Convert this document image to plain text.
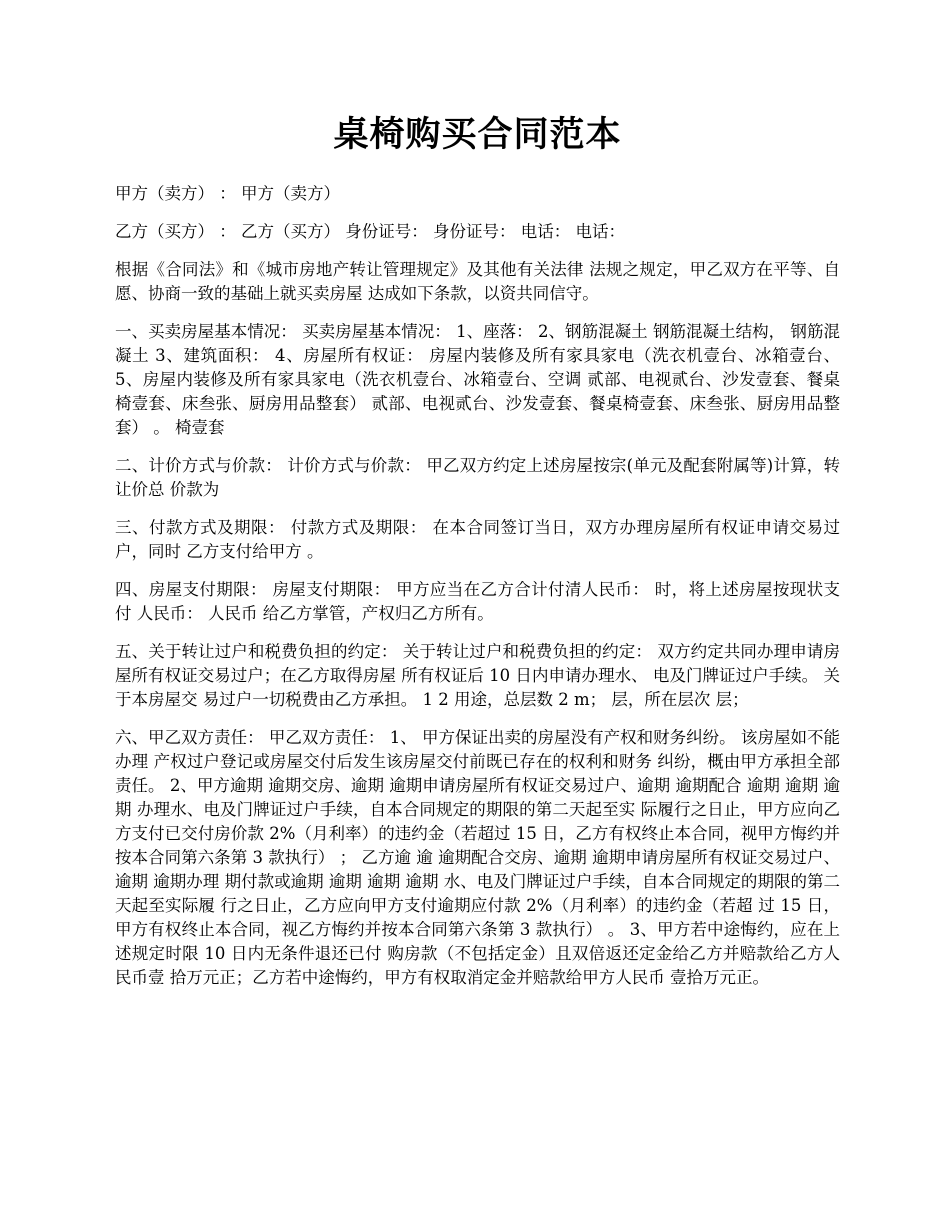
桌椅购买合同范本

甲方（卖方） ： 甲方（卖方）

乙方（买方） ： 乙方（买方） 身份证号： 身份证号： 电话： 电话：

根据《合同法》和《城市房地产转让管理规定》及其他有关法律 法规之规定，甲乙双方在平等、自愿、协商一致的基础上就买卖房屋 达成如下条款，以资共同信守。

一、买卖房屋基本情况： 买卖房屋基本情况： 1、座落： 2、钢筋混凝土 钢筋混凝土结构， 钢筋混凝土 3、建筑面积： 4、房屋所有权证： 房屋内装修及所有家具家电（洗衣机壹台、冰箱壹台、 5、房屋内装修及所有家具家电（洗衣机壹台、冰箱壹台、空调 贰部、电视贰台、沙发壹套、餐桌椅壹套、床叁张、厨房用品整套） 贰部、电视贰台、沙发壹套、餐桌椅壹套、床叁张、厨房用品整套） 。 椅壹套

二、计价方式与价款： 计价方式与价款： 甲乙双方约定上述房屋按宗(单元及配套附属等)计算，转让价总 价款为

三、付款方式及期限： 付款方式及期限： 在本合同签订当日，双方办理房屋所有权证申请交易过户，同时 乙方支付给甲方 。

四、房屋支付期限： 房屋支付期限： 甲方应当在乙方合计付清人民币： 时，将上述房屋按现状支付 人民币： 人民币 给乙方掌管，产权归乙方所有。

五、关于转让过户和税费负担的约定： 关于转让过户和税费负担的约定： 双方约定共同办理申请房屋所有权证交易过户；在乙方取得房屋 所有权证后 10 日内申请办理水、 电及门牌证过户手续。 关于本房屋交 易过户一切税费由乙方承担。 1 2 用途，总层数 2 m； 层，所在层次 层；

六、甲乙双方责任： 甲乙双方责任： 1、 甲方保证出卖的房屋没有产权和财务纠纷。 该房屋如不能办理 产权过户登记或房屋交付后发生该房屋交付前既已存在的权利和财务 纠纷，概由甲方承担全部责任。 2、甲方逾期 逾期交房、逾期 逾期申请房屋所有权证交易过户、逾期 逾期配合 逾期 逾期 逾期 办理水、电及门牌证过户手续，自本合同规定的期限的第二天起至实 际履行之日止，甲方应向乙方支付已交付房价款 2%（月利率）的违约金（若超过 15 日，乙方有权终止本合同，视甲方悔约并按本合同第六条第 3 款执行） ； 乙方逾 逾 逾期配合交房、逾期 逾期申请房屋所有权证交易过户、逾期 逾期办理 期付款或逾期 逾期 逾期 逾期 水、电及门牌证过户手续，自本合同规定的期限的第二天起至实际履 行之日止，乙方应向甲方支付逾期应付款 2%（月利率）的违约金（若超 过 15 日，甲方有权终止本合同，视乙方悔约并按本合同第六条第 3 款执行） 。 3、甲方若中途悔约，应在上述规定时限 10 日内无条件退还已付 购房款（不包括定金）且双倍返还定金给乙方并赔款给乙方人民币壹 拾万元正；乙方若中途悔约，甲方有权取消定金并赔款给甲方人民币 壹拾万元正。
